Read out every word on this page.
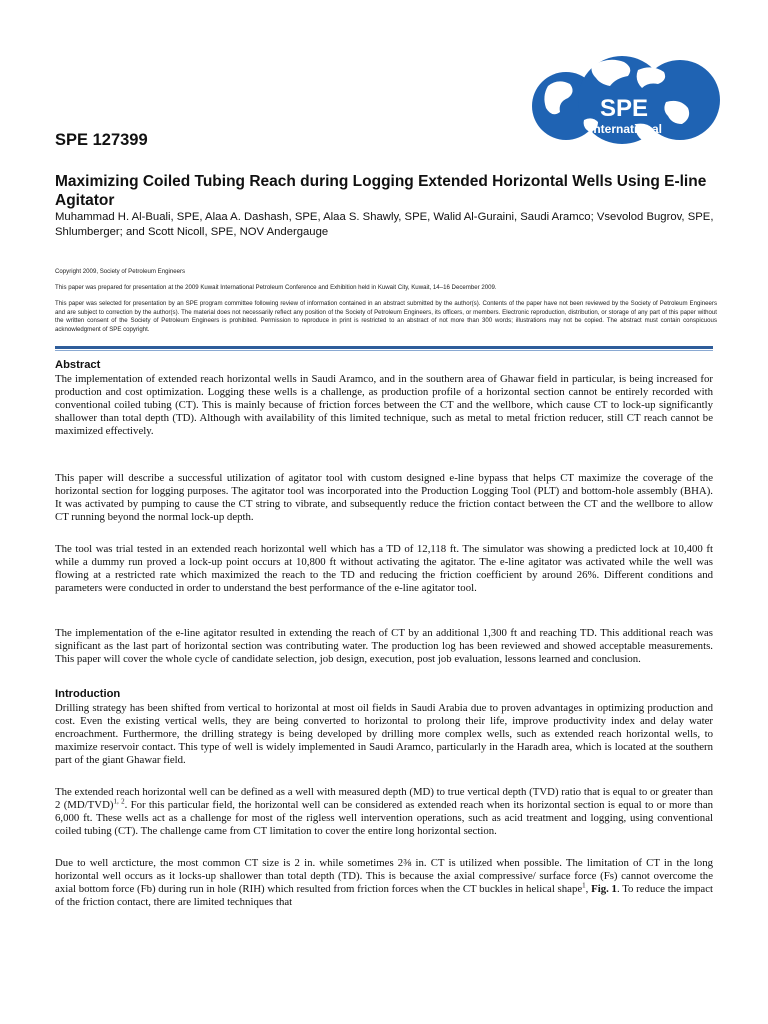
SPE
International
SPE 127399
Maximizing Coiled Tubing Reach during Logging Extended Horizontal Wells Using E-line Agitator
Muhammad H. Al-Buali, SPE, Alaa A. Dashash, SPE, Alaa S. Shawly, SPE, Walid Al-Guraini, Saudi Aramco; Vsevolod Bugrov, SPE, Shlumberger; and Scott Nicoll, SPE, NOV Andergauge
Copyright 2009, Society of Petroleum Engineers
This paper was prepared for presentation at the 2009 Kuwait International Petroleum Conference and Exhibition held in Kuwait City, Kuwait, 14–16 December 2009.
This paper was selected for presentation by an SPE program committee following review of information contained in an abstract submitted by the author(s). Contents of the paper have not been reviewed by the Society of Petroleum Engineers and are subject to correction by the author(s). The material does not necessarily reflect any position of the Society of Petroleum Engineers, its officers, or members. Electronic reproduction, distribution, or storage of any part of this paper without the written consent of the Society of Petroleum Engineers is prohibited. Permission to reproduce in print is restricted to an abstract of not more than 300 words; illustrations may not be copied. The abstract must contain conspicuous acknowledgment of SPE copyright.
Abstract

The implementation of extended reach horizontal wells in Saudi Aramco, and in the southern area of Ghawar field in particular, is being increased for production and cost optimization. Logging these wells is a challenge, as production profile of a horizontal section cannot be entirely recorded with conventional coiled tubing (CT). This is mainly because of friction forces between the CT and the wellbore, which cause CT to lock-up significantly shallower than total depth (TD). Although with availability of this limited technique, such as metal to metal friction reducer, still CT reach cannot be maximized effectively.

This paper will describe a successful utilization of agitator tool with custom designed e-line bypass that helps CT maximize the coverage of the horizontal section for logging purposes. The agitator tool was incorporated into the Production Logging Tool (PLT) and bottom-hole assembly (BHA). It was activated by pumping to cause the CT string to vibrate, and subsequently reduce the friction contact between the CT and the wellbore to allow CT running beyond the normal lock-up depth.

The tool was trial tested in an extended reach horizontal well which has a TD of 12,118 ft. The simulator was showing a predicted lock at 10,400 ft while a dummy run proved a lock-up point occurs at 10,800 ft without activating the agitator. The e-line agitator was activated while the well was flowing at a restricted rate which maximized the reach to the TD and reducing the friction coefficient by around 26%. Different conditions and parameters were conducted in order to understand the best performance of the e-line agitator tool.

The implementation of the e-line agitator resulted in extending the reach of CT by an additional 1,300 ft and reaching TD. This additional reach was significant as the last part of horizontal section was contributing water. The production log has been reviewed and showed acceptable measurements. This paper will cover the whole cycle of candidate selection, job design, execution, post job evaluation, lessons learned and conclusion.

Introduction

Drilling strategy has been shifted from vertical to horizontal at most oil fields in Saudi Arabia due to proven advantages in optimizing production and cost. Even the existing vertical wells, they are being converted to horizontal to prolong their life, improve productivity index and delay water encroachment. Furthermore, the drilling strategy is being developed by drilling more complex wells, such as extended reach horizontal wells, to maximize reservoir contact. This type of well is widely implemented in Saudi Aramco, particularly in the Haradh area, which is located at the southern part of the giant Ghawar field.

The extended reach horizontal well can be defined as a well with measured depth (MD) to true vertical depth (TVD) ratio that is equal to or greater than 2 $(MD/TVD)^{1, 2}$. For this particular field, the horizontal well can be considered as extended reach when its horizontal section is equal to or more than 6,000 ft. These wells act as a challenge for most of the rigless well intervention operations, such as acid treatment and logging, using conventional coiled tubing (CT). The challenge came from CT limitation to cover the entire long horizontal section.

Due to well arcticture, the most common CT size is 2 in. while sometimes 2⅜ in. CT is utilized when possible. The limitation of CT in the long horizontal well occurs as it locks-up shallower than total depth (TD). This is because the axial compressive/ surface force (Fs) cannot overcome the axial bottom force (Fb) during run in hole (RIH) which resulted from friction forces when the CT buckles in helical shape$^1$, Fig. 1. To reduce the impact of the friction contact, there are limited techniques that
